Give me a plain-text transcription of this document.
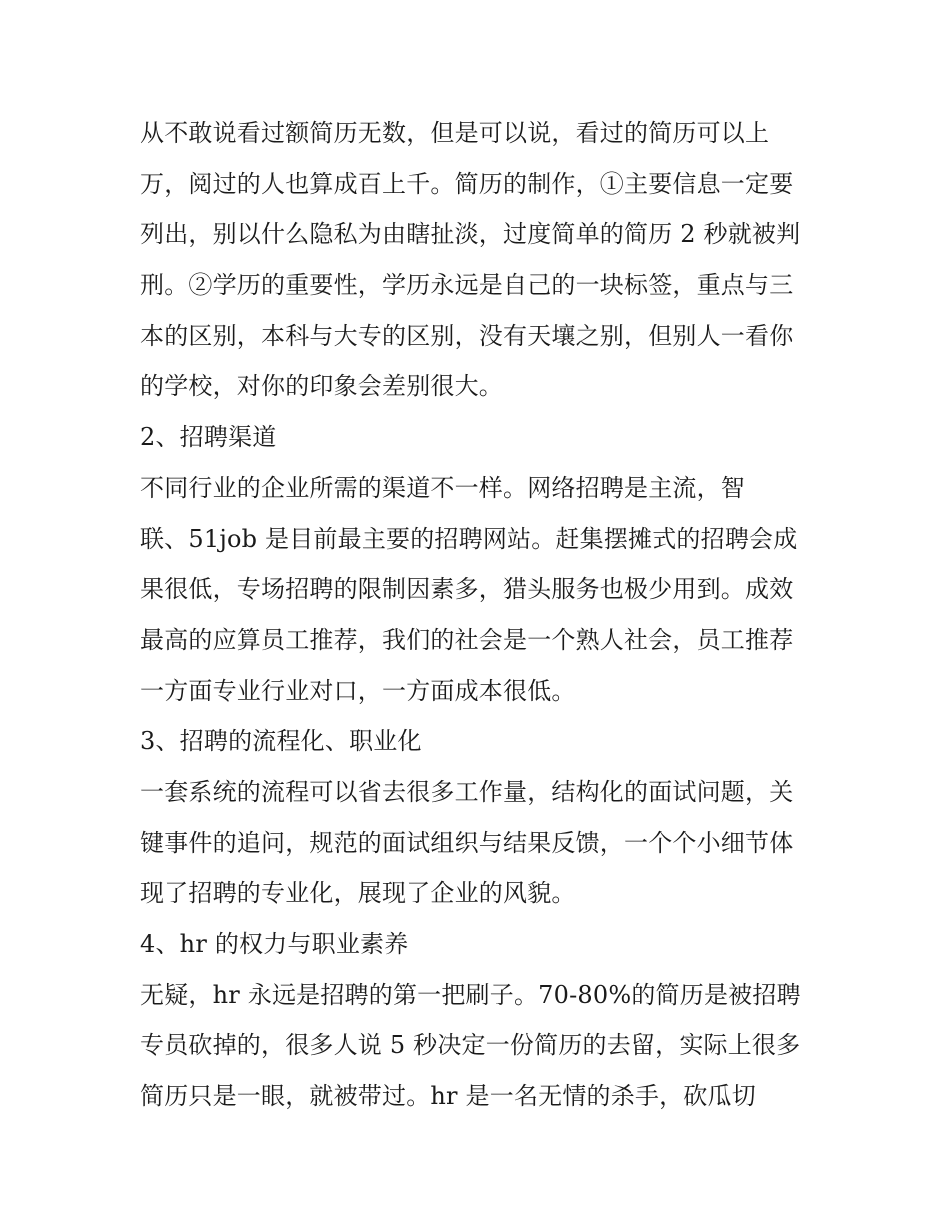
从不敢说看过额简历无数，但是可以说，看过的简历可以上
万，阅过的人也算成百上千。简历的制作，①主要信息一定要
列出，别以什么隐私为由瞎扯淡，过度简单的简历 2 秒就被判
刑。②学历的重要性，学历永远是自己的一块标签，重点与三
本的区别，本科与大专的区别，没有天壤之别，但别人一看你
的学校，对你的印象会差别很大。
2、招聘渠道
不同行业的企业所需的渠道不一样。网络招聘是主流，智
联、51job 是目前最主要的招聘网站。赶集摆摊式的招聘会成
果很低，专场招聘的限制因素多，猎头服务也极少用到。成效
最高的应算员工推荐，我们的社会是一个熟人社会，员工推荐
一方面专业行业对口，一方面成本很低。
3、招聘的流程化、职业化
一套系统的流程可以省去很多工作量，结构化的面试问题，关
键事件的追问，规范的面试组织与结果反馈，一个个小细节体
现了招聘的专业化，展现了企业的风貌。
4、hr 的权力与职业素养
无疑，hr 永远是招聘的第一把刷子。70-80%的简历是被招聘
专员砍掉的，很多人说 5 秒决定一份简历的去留，实际上很多
简历只是一眼，就被带过。hr 是一名无情的杀手，砍瓜切
